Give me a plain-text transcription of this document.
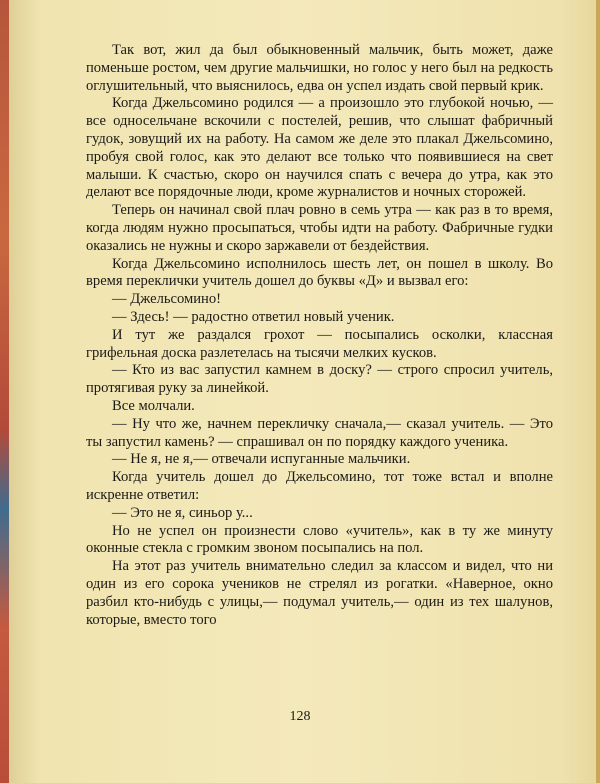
Так вот, жил да был обыкновенный мальчик, быть может, даже поменьше ростом, чем другие мальчишки, но голос у него был на редкость оглушительный, что выяснилось, едва он успел издать свой первый крик.

Когда Джельсомино родился — а произошло это глубокой ночью, — все односельчане вскочили с постелей, решив, что слышат фабричный гудок, зовущий их на работу. На самом же деле это плакал Джельсомино, пробуя свой голос, как это делают все только что появившиеся на свет малыши. К счастью, скоро он научился спать с вечера до утра, как это делают все порядочные люди, кроме журналистов и ночных сторожей.

Теперь он начинал свой плач ровно в семь утра — как раз в то время, когда людям нужно просыпаться, чтобы идти на работу. Фабричные гудки оказались не нужны и скоро заржавели от бездействия.

Когда Джельсомино исполнилось шесть лет, он пошел в школу. Во время переклички учитель дошел до буквы «Д» и вызвал его:

— Джельсомино!

— Здесь! — радостно ответил новый ученик.

И тут же раздался грохот — посыпались осколки, классная грифельная доска разлетелась на тысячи мелких кусков.

— Кто из вас запустил камнем в доску? — строго спросил учитель, протягивая руку за линейкой.

Все молчали.

— Ну что же, начнем перекличку сначала,— сказал учитель. — Это ты запустил камень? — спрашивал он по порядку каждого ученика.

— Не я, не я,— отвечали испуганные мальчики.

Когда учитель дошел до Джельсомино, тот тоже встал и вполне искренне ответил:

— Это не я, синьор у...

Но не успел он произнести слово «учитель», как в ту же минуту оконные стекла с громким звоном посыпались на пол.

На этот раз учитель внимательно следил за классом и видел, что ни один из его сорока учеников не стрелял из рогатки. «Наверное, окно разбил кто-нибудь с улицы,— подумал учитель,— один из тех шалунов, которые, вместо того

128
